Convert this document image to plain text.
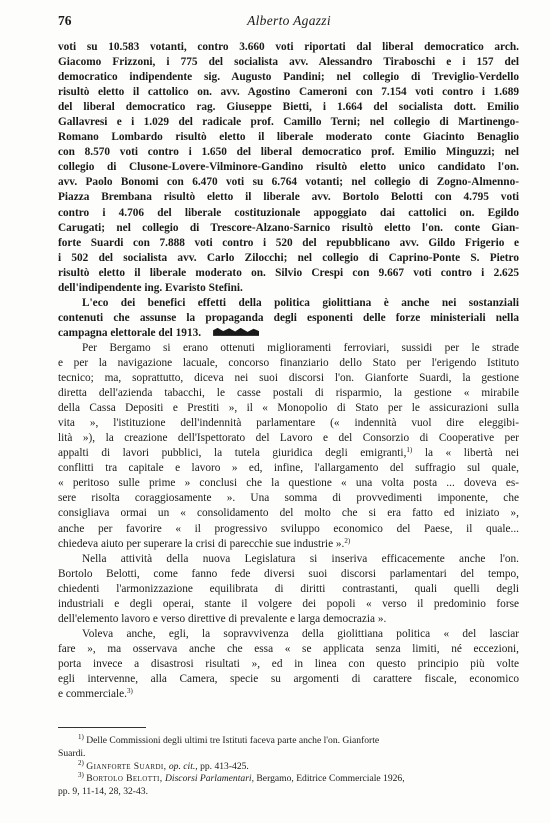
76	Alberto Agazzi

voti su 10.583 votanti, contro 3.660 voti riportati dal liberal democratico arch.
Giacomo Frizzoni, i 775 del socialista avv. Alessandro Tiraboschi e i 157 del
democratico indipendente sig. Augusto Pandini; nel collegio di Treviglio-Verdello
risultò eletto il cattolico on. avv. Agostino Cameroni con 7.154 voti contro i 1.689
del liberal democratico rag. Giuseppe Bietti, i 1.664 del socialista dott. Emilio
Gallavresi e i 1.029 del radicale prof. Camillo Terni; nel collegio di Martinengo-
Romano Lombardo risultò eletto il liberale moderato conte Giacinto Benaglio
con 8.570 voti contro i 1.650 del liberal democratico prof. Emilio Minguzzi; nel
collegio di Clusone-Lovere-Vilminore-Gandino risultò eletto unico candidato l'on.
avv. Paolo Bonomi con 6.470 voti su 6.764 votanti; nel collegio di Zogno-Almenno-
Piazza Brembana risultò eletto il liberale avv. Bortolo Belotti con 4.795 voti
contro i 4.706 del liberale costituzionale appoggiato dai cattolici on. Egildo
Carugati; nel collegio di Trescore-Alzano-Sarnico risultò eletto l'on. conte Gian-
forte Suardi con 7.888 voti contro i 520 del repubblicano avv. Gildo Frigerio e
i 502 del socialista avv. Carlo Zilocchi; nel collegio di Caprino-Ponte S. Pietro
risultò eletto il liberale moderato on. Silvio Crespi con 9.667 voti contro i 2.625
dell'indipendente ing. Evaristo Stefini.

L'eco dei benefici effetti della politica giolittiana è anche nei sostanziali
contenuti che assunse la propaganda degli esponenti delle forze ministeriali nella
campagna elettorale del 1913.

Per Bergamo si erano ottenuti miglioramenti ferroviari, sussidi per le strade
e per la navigazione lacuale, concorso finanziario dello Stato per l'erigendo Istituto
tecnico; ma, soprattutto, diceva nei suoi discorsi l'on. Gianforte Suardi, la gestione
diretta dell'azienda tabacchi, le casse postali di risparmio, la gestione « mirabile
della Cassa Depositi e Prestiti », il « Monopolio di Stato per le assicurazioni sulla
vita », l'istituzione dell'indennità parlamentare (« indennità vuol dire eleggibi-
lità »), la creazione dell'Ispettorato del Lavoro e del Consorzio di Cooperative per
appalti di lavori pubblici, la tutela giuridica degli emigranti,$^{1)}$ la « libertà nei
conflitti tra capitale e lavoro » ed, infine, l'allargamento del suffragio sul quale,
« peritoso sulle prime » conclusi che la questione « una volta posta ... doveva es-
sere risolta coraggiosamente ». Una somma di provvedimenti imponente, che
consigliava ormai un « consolidamento del molto che si era fatto ed iniziato »,
anche per favorire « il progressivo sviluppo economico del Paese, il quale...
chiedeva aiuto per superare la crisi di parecchie sue industrie ».$^{2)}$

Nella attività della nuova Legislatura si inseriva efficacemente anche l'on.
Bortolo Belotti, come fanno fede diversi suoi discorsi parlamentari del tempo,
chiedenti l'armonizzazione equilibrata di diritti contrastanti, quali quelli degli
industriali e degli operai, stante il volgere dei popoli « verso il predominio forse
dell'elemento lavoro e verso direttive di prevalente e larga democrazia ».

Voleva anche, egli, la sopravvivenza della giolittiana politica « del lasciar
fare », ma osservava anche che essa « se applicata senza limiti, né eccezioni,
porta invece a disastrosi risultati », ed in linea con questo principio più volte
egli intervenne, alla Camera, specie su argomenti di carattere fiscale, economico
e commerciale.$^{3)}$

$^{1)}$ Delle Commissioni degli ultimi tre Istituti faceva parte anche l'on. Gianforte
Suardi.

$^{2)}$ Gianforte Suardi, op. cit., pp. 413-425.

$^{3)}$ Bortolo Belotti, Discorsi Parlamentari, Bergamo, Editrice Commerciale 1926,
pp. 9, 11-14, 28, 32-43.
